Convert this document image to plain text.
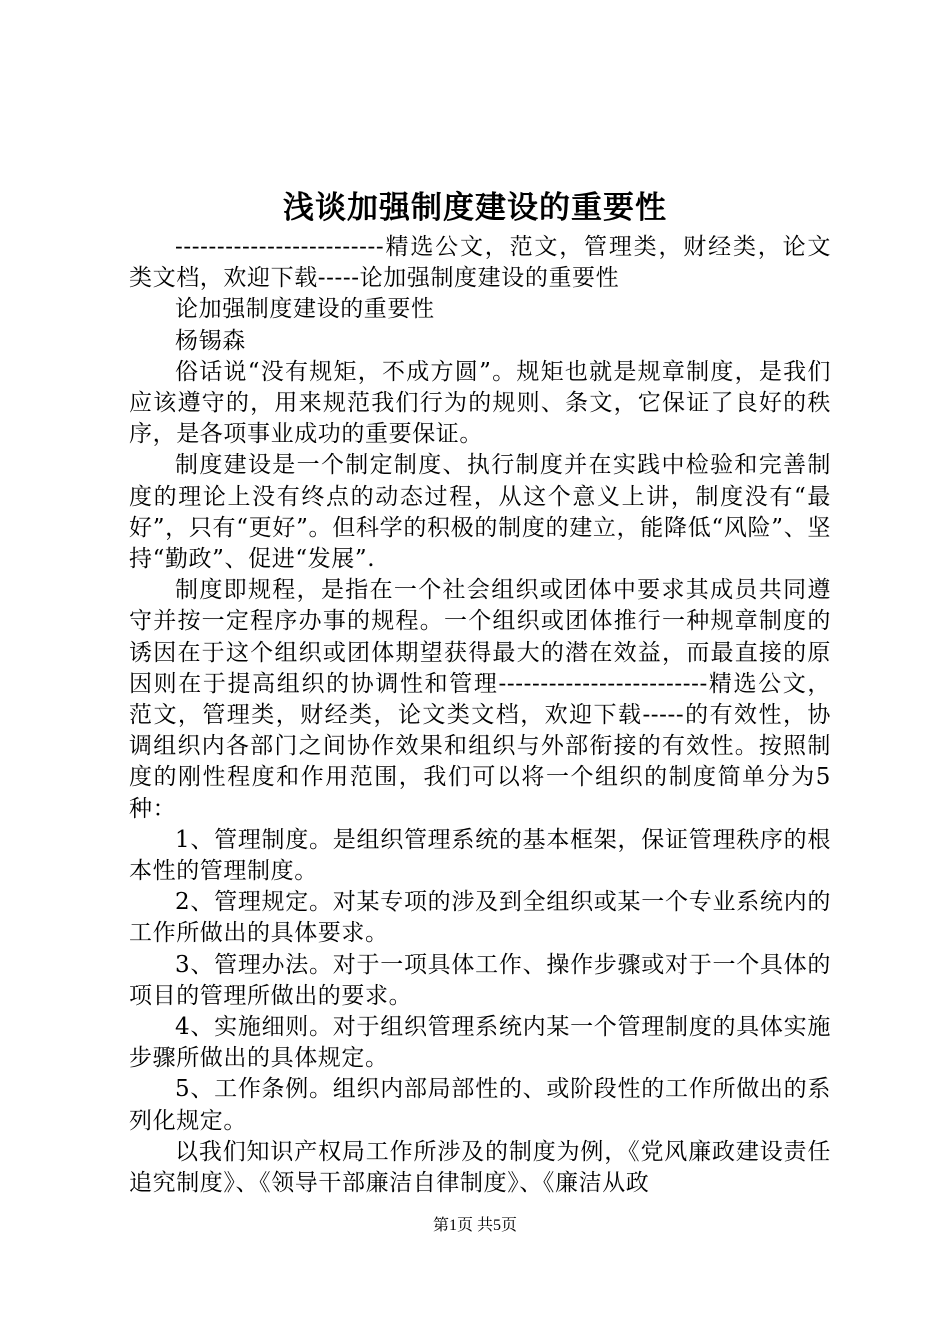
浅谈加强制度建设的重要性

-------------------------精选公文，范文，管理类，财经类，论文类文档，欢迎下载-----论加强制度建设的重要性

论加强制度建设的重要性

杨锡森

俗话说“没有规矩，不成方圆”。规矩也就是规章制度，是我们应该遵守的，用来规范我们行为的规则、条文，它保证了良好的秩序，是各项事业成功的重要保证。

制度建设是一个制定制度、执行制度并在实践中检验和完善制度的理论上没有终点的动态过程，从这个意义上讲，制度没有“最好”，只有“更好”。但科学的积极的制度的建立，能降低“风险”、坚持“勤政”、促进“发展”.

制度即规程，是指在一个社会组织或团体中要求其成员共同遵守并按一定程序办事的规程。一个组织或团体推行一种规章制度的诱因在于这个组织或团体期望获得最大的潜在效益，而最直接的原因则在于提高组织的协调性和管理-------------------------精选公文，范文，管理类，财经类，论文类文档，欢迎下载-----的有效性，协调组织内各部门之间协作效果和组织与外部衔接的有效性。按照制度的刚性程度和作用范围，我们可以将一个组织的制度简单分为5种：

1、管理制度。是组织管理系统的基本框架，保证管理秩序的根本性的管理制度。

2、管理规定。对某专项的涉及到全组织或某一个专业系统内的工作所做出的具体要求。

3、管理办法。对于一项具体工作、操作步骤或对于一个具体的项目的管理所做出的要求。

4、实施细则。对于组织管理系统内某一个管理制度的具体实施步骤所做出的具体规定。

5、工作条例。组织内部局部性的、或阶段性的工作所做出的系列化规定。

以我们知识产权局工作所涉及的制度为例，《党风廉政建设责任追究制度》、《领导干部廉洁自律制度》、《廉洁从政

第1页 共5页
